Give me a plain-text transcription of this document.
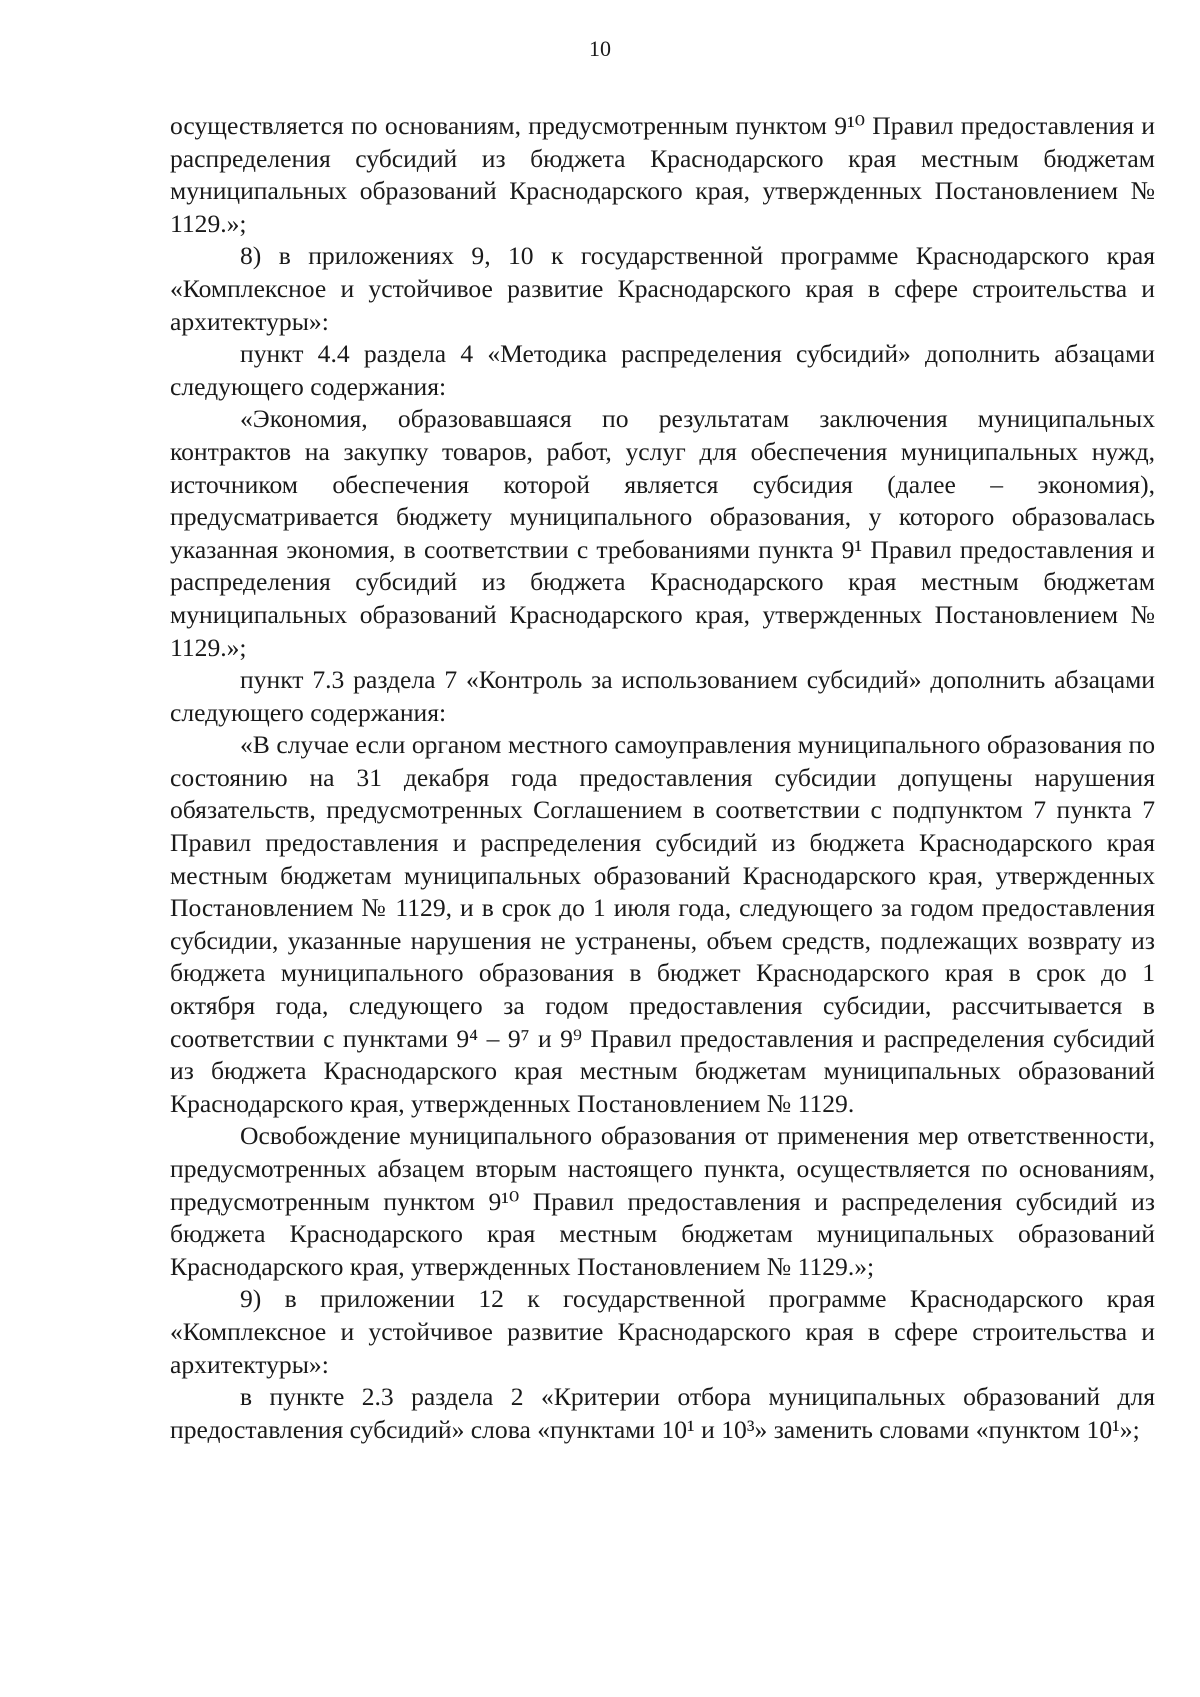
10

осуществляется по основаниям, предусмотренным пунктом 9¹⁰ Правил предоставления и распределения субсидий из бюджета Краснодарского края местным бюджетам муниципальных образований Краснодарского края, утвержденных Постановлением № 1129.»;

8) в приложениях 9, 10 к государственной программе Краснодарского края «Комплексное и устойчивое развитие Краснодарского края в сфере строительства и архитектуры»:

пункт 4.4 раздела 4 «Методика распределения субсидий» дополнить абзацами следующего содержания:

«Экономия, образовавшаяся по результатам заключения муниципальных контрактов на закупку товаров, работ, услуг для обеспечения муниципальных нужд, источником обеспечения которой является субсидия (далее – экономия), предусматривается бюджету муниципального образования, у которого образовалась указанная экономия, в соответствии с требованиями пункта 9¹ Правил предоставления и распределения субсидий из бюджета Краснодарского края местным бюджетам муниципальных образований Краснодарского края, утвержденных Постановлением № 1129.»;

пункт 7.3 раздела 7 «Контроль за использованием субсидий» дополнить абзацами следующего содержания:

«В случае если органом местного самоуправления муниципального образования по состоянию на 31 декабря года предоставления субсидии допущены нарушения обязательств, предусмотренных Соглашением в соответствии с подпунктом 7 пункта 7 Правил предоставления и распределения субсидий из бюджета Краснодарского края местным бюджетам муниципальных образований Краснодарского края, утвержденных Постановлением № 1129, и в срок до 1 июля года, следующего за годом предоставления субсидии, указанные нарушения не устранены, объем средств, подлежащих возврату из бюджета муниципального образования в бюджет Краснодарского края в срок до 1 октября года, следующего за годом предоставления субсидии, рассчитывается в соответствии с пунктами 9⁴ – 9⁷ и 9⁹ Правил предоставления и распределения субсидий из бюджета Краснодарского края местным бюджетам муниципальных образований Краснодарского края, утвержденных Постановлением № 1129.

Освобождение муниципального образования от применения мер ответственности, предусмотренных абзацем вторым настоящего пункта, осуществляется по основаниям, предусмотренным пунктом 9¹⁰ Правил предоставления и распределения субсидий из бюджета Краснодарского края местным бюджетам муниципальных образований Краснодарского края, утвержденных Постановлением № 1129.»;

9) в приложении 12 к государственной программе Краснодарского края «Комплексное и устойчивое развитие Краснодарского края в сфере строительства и архитектуры»:

в пункте 2.3 раздела 2 «Критерии отбора муниципальных образований для предоставления субсидий» слова «пунктами 10¹ и 10³» заменить словами «пунктом 10¹»;
